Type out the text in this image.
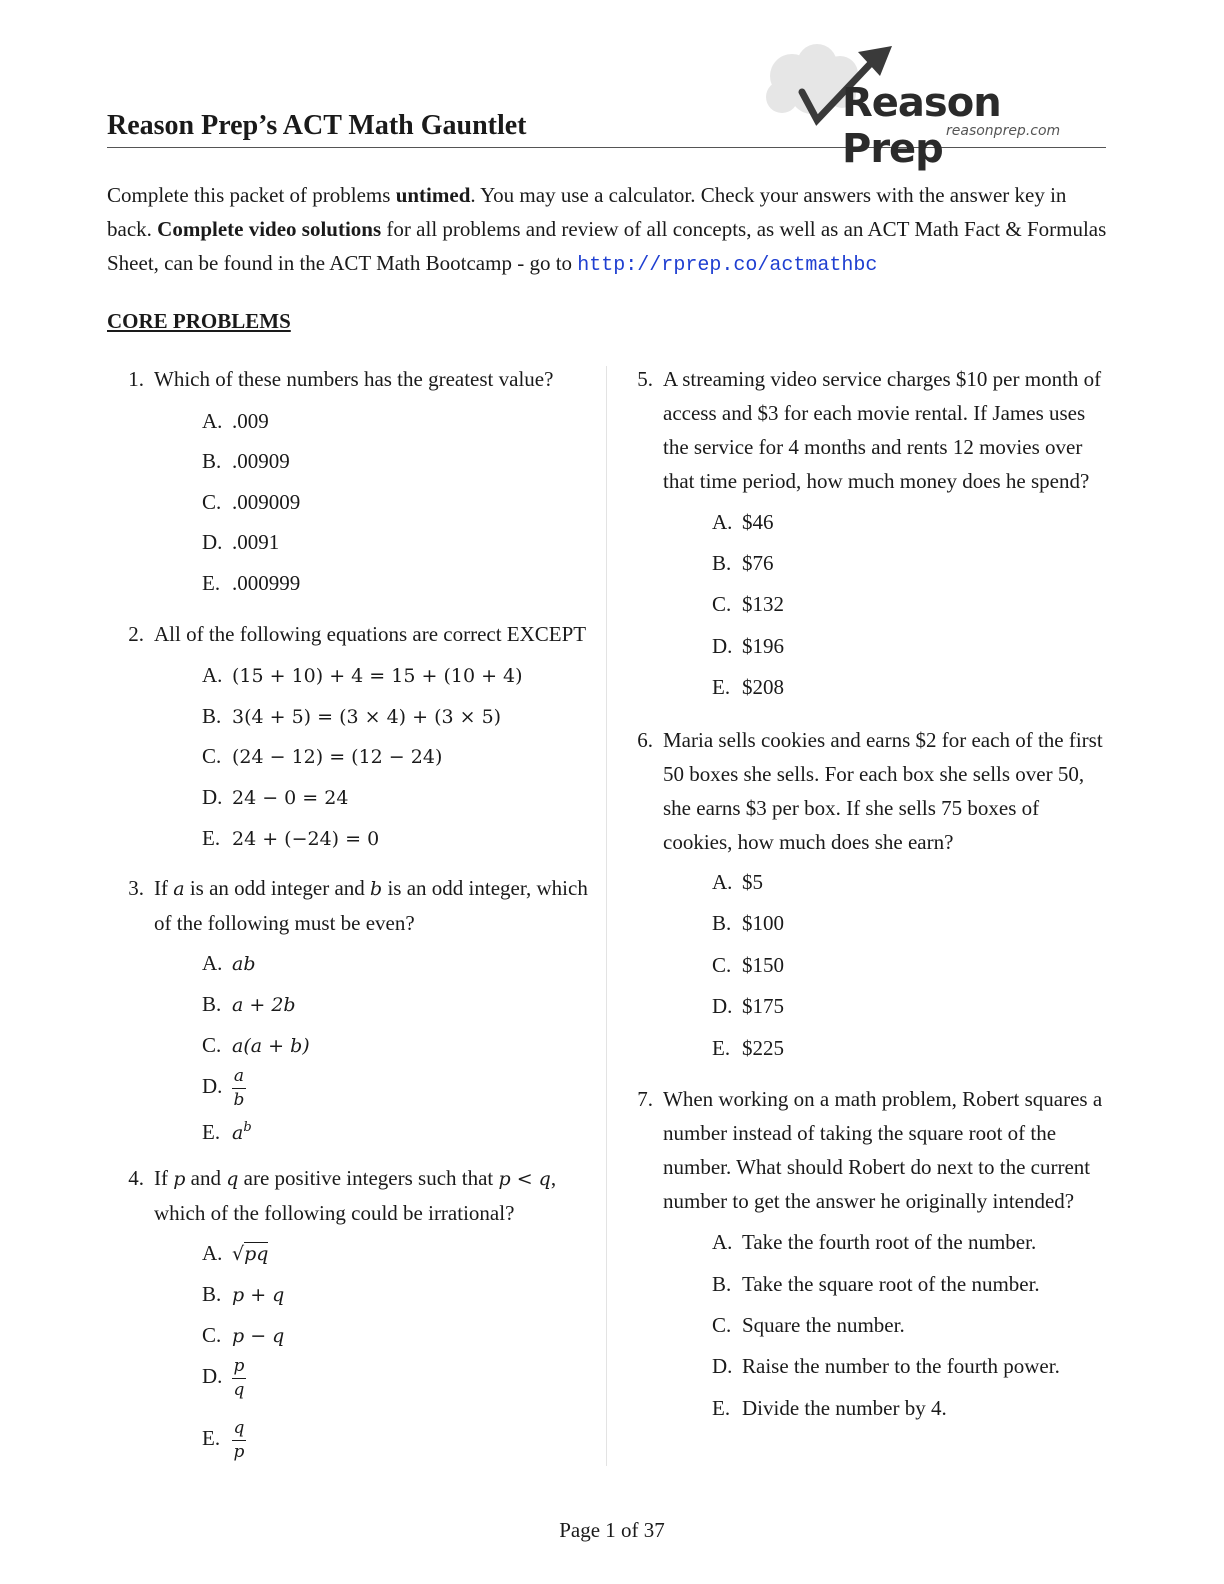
Reason Prep’s ACT Math Gauntlet	Reason Prep reasonprep.com
Complete this packet of problems untimed. You may use a calculator. Check your answers with the answer key in back. Complete video solutions for all problems and review of all concepts, as well as an ACT Math Fact & Formulas Sheet, can be found in the ACT Math Bootcamp - go to http://rprep.co/actmathbc
CORE PROBLEMS
1. Which of these numbers has the greatest value?
A. .009
B. .00909
C. .009009
D. .0091
E. .000999
2. All of the following equations are correct EXCEPT
A. (15 + 10) + 4 = 15 + (10 + 4)
B. 3(4 + 5) = (3 × 4) + (3 × 5)
C. (24 − 12) = (12 − 24)
D. 24 − 0 = 24
E. 24 + (−24) = 0
3. If a is an odd integer and b is an odd integer, which
of the following must be even?
A. ab
B. a + 2b
C. a(a + b)
D. $\frac{a}{b}$
E. $a^b$
4. If p and q are positive integers such that p < q,
which of the following could be irrational?
A. √pq
B. p + q
C. p − q
D. $\frac{p}{q}$
E. $\frac{q}{p}$
5. A streaming video service charges $10 per month of
access and $3 for each movie rental. If James uses
the service for 4 months and rents 12 movies over
that time period, how much money does he spend?
A. $46
B. $76
C. $132
D. $196
E. $208
6. Maria sells cookies and earns $2 for each of the first
50 boxes she sells. For each box she sells over 50,
she earns $3 per box. If she sells 75 boxes of
cookies, how much does she earn?
A. $5
B. $100
C. $150
D. $175
E. $225
7. When working on a math problem, Robert squares a
number instead of taking the square root of the
number. What should Robert do next to the current
number to get the answer he originally intended?
A. Take the fourth root of the number.
B. Take the square root of the number.
C. Square the number.
D. Raise the number to the fourth power.
E. Divide the number by 4.
Page 1 of 37
